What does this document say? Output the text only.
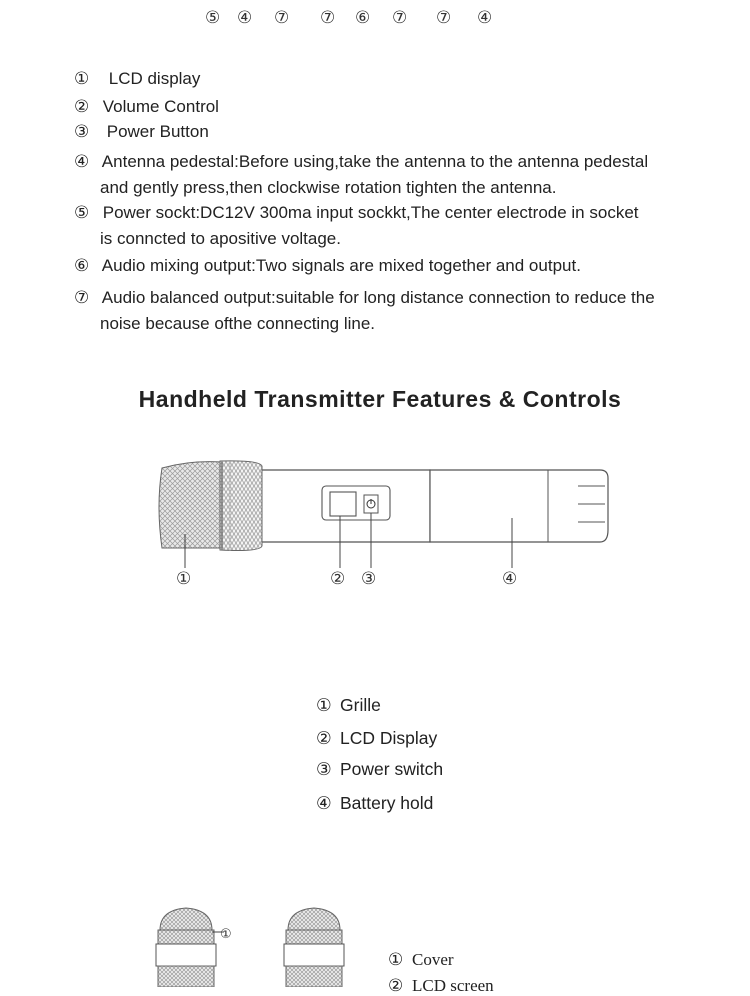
⑤ ④ ⑦ ⑦ ⑥ ⑦ ⑦ ④
① LCD display
② Volume Control
③ Power Button
④ Antenna pedestal:Before using,take the antenna to the antenna pedestal
and gently press,then clockwise rotation tighten the antenna.
⑤ Power sockt:DC12V 300ma input sockkt,The center electrode in socket
is conncted to apositive voltage.
⑥ Audio mixing output:Two signals are mixed together and output.
⑦ Audio balanced output:suitable for long distance connection to reduce the
noise because ofthe connecting line.
Handheld Transmitter Features & Controls
①	② ③	④
① Grille
② LCD Display
③ Power switch
④ Battery hold
①
① Cover
② LCD screen
